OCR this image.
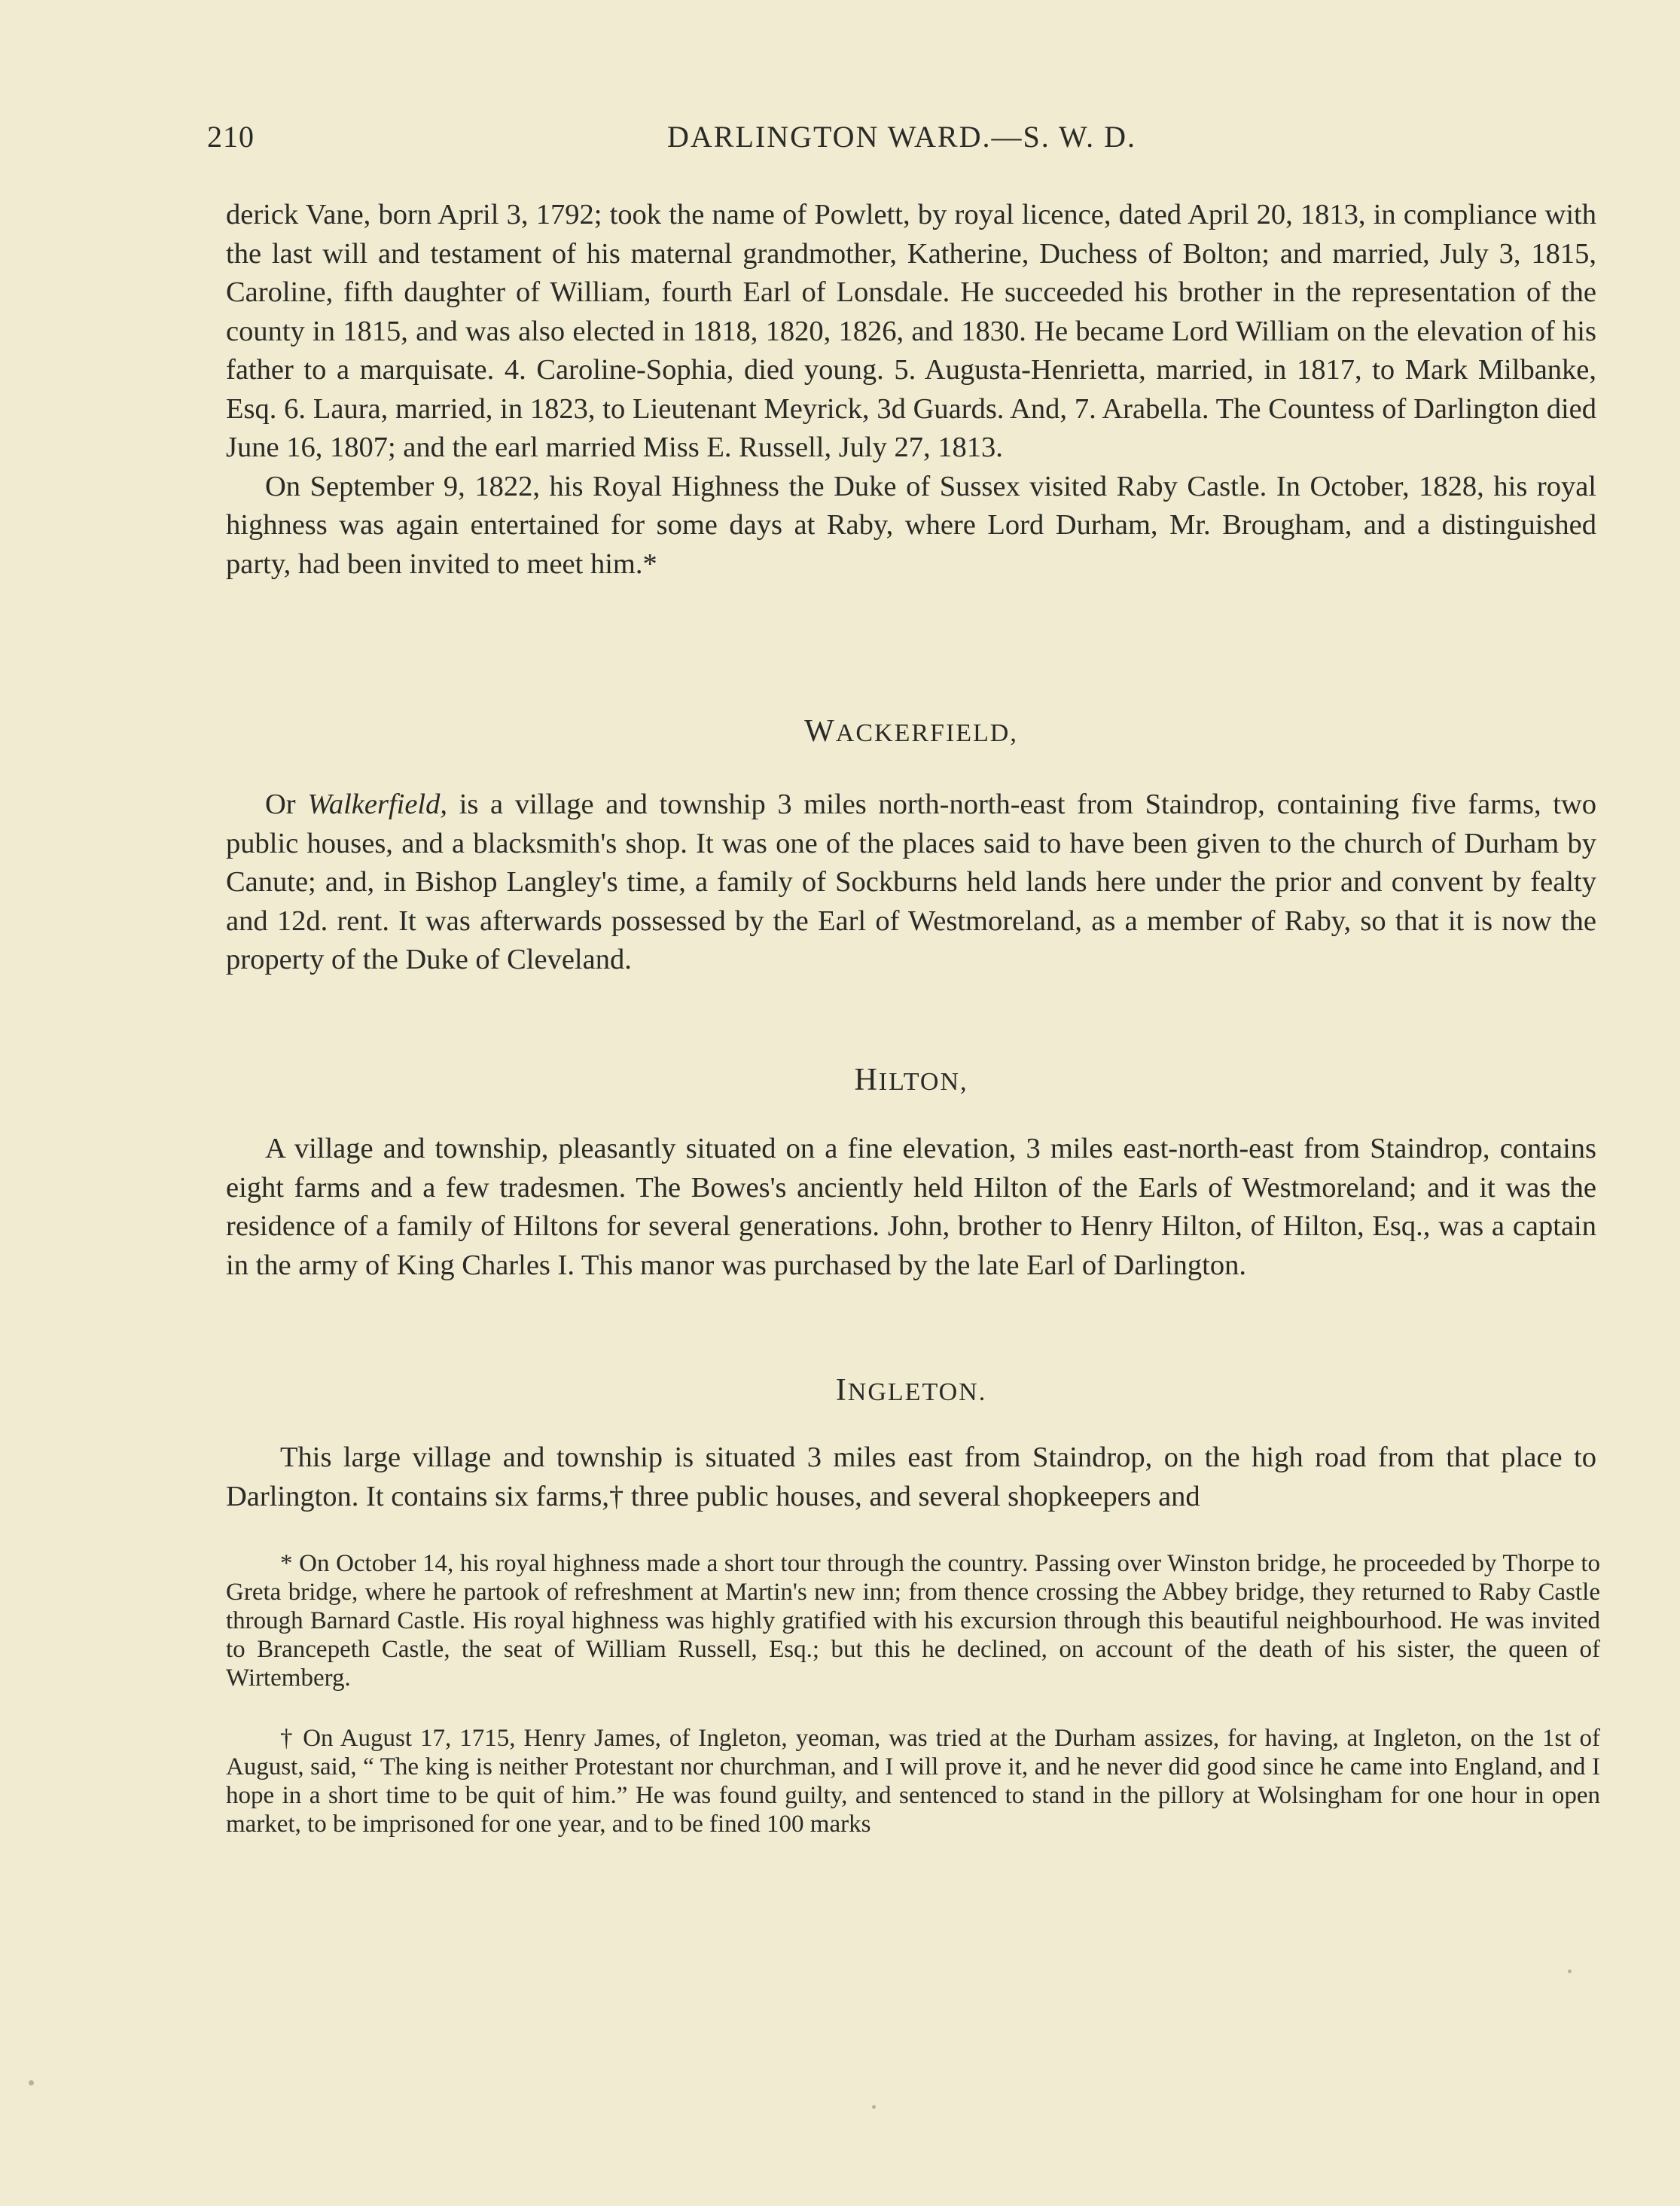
210	DARLINGTON WARD.—S. W. D.

derick Vane, born April 3, 1792; took the name of Powlett, by royal licence, dated April 20, 1813, in compliance with the last will and testament of his maternal grandmother, Katherine, Duchess of Bolton; and married, July 3, 1815, Caroline, fifth daughter of William, fourth Earl of Lonsdale. He succeeded his brother in the representation of the county in 1815, and was also elected in 1818, 1820, 1826, and 1830. He became Lord William on the elevation of his father to a marquisate. 4. Caroline-Sophia, died young. 5. Augusta-Henrietta, married, in 1817, to Mark Milbanke, Esq. 6. Laura, married, in 1823, to Lieutenant Meyrick, 3d Guards. And, 7. Arabella. The Countess of Darlington died June 16, 1807; and the earl married Miss E. Russell, July 27, 1813.

On September 9, 1822, his Royal Highness the Duke of Sussex visited Raby Castle. In October, 1828, his royal highness was again entertained for some days at Raby, where Lord Durham, Mr. Brougham, and a distinguished party, had been invited to meet him.*

WACKERFIELD,

Or Walkerfield, is a village and township 3 miles north-north-east from Staindrop, containing five farms, two public houses, and a blacksmith's shop. It was one of the places said to have been given to the church of Durham by Canute; and, in Bishop Langley's time, a family of Sockburns held lands here under the prior and convent by fealty and 12d. rent. It was afterwards possessed by the Earl of Westmoreland, as a member of Raby, so that it is now the property of the Duke of Cleveland.

HILTON,

A village and township, pleasantly situated on a fine elevation, 3 miles east-north-east from Staindrop, contains eight farms and a few tradesmen. The Bowes's anciently held Hilton of the Earls of Westmoreland; and it was the residence of a family of Hiltons for several generations. John, brother to Henry Hilton, of Hilton, Esq., was a captain in the army of King Charles I. This manor was purchased by the late Earl of Darlington.

INGLETON.

This large village and township is situated 3 miles east from Staindrop, on the high road from that place to Darlington. It contains six farms,† three public houses, and several shopkeepers and

* On October 14, his royal highness made a short tour through the country. Passing over Winston bridge, he proceeded by Thorpe to Greta bridge, where he partook of refreshment at Martin's new inn; from thence crossing the Abbey bridge, they returned to Raby Castle through Barnard Castle. His royal highness was highly gratified with his excursion through this beautiful neighbourhood. He was invited to Brancepeth Castle, the seat of William Russell, Esq.; but this he declined, on account of the death of his sister, the queen of Wirtemberg.

† On August 17, 1715, Henry James, of Ingleton, yeoman, was tried at the Durham assizes, for having, at Ingleton, on the 1st of August, said, “ The king is neither Protestant nor churchman, and I will prove it, and he never did good since he came into England, and I hope in a short time to be quit of him.” He was found guilty, and sentenced to stand in the pillory at Wolsingham for one hour in open market, to be imprisoned for one year, and to be fined 100 marks
